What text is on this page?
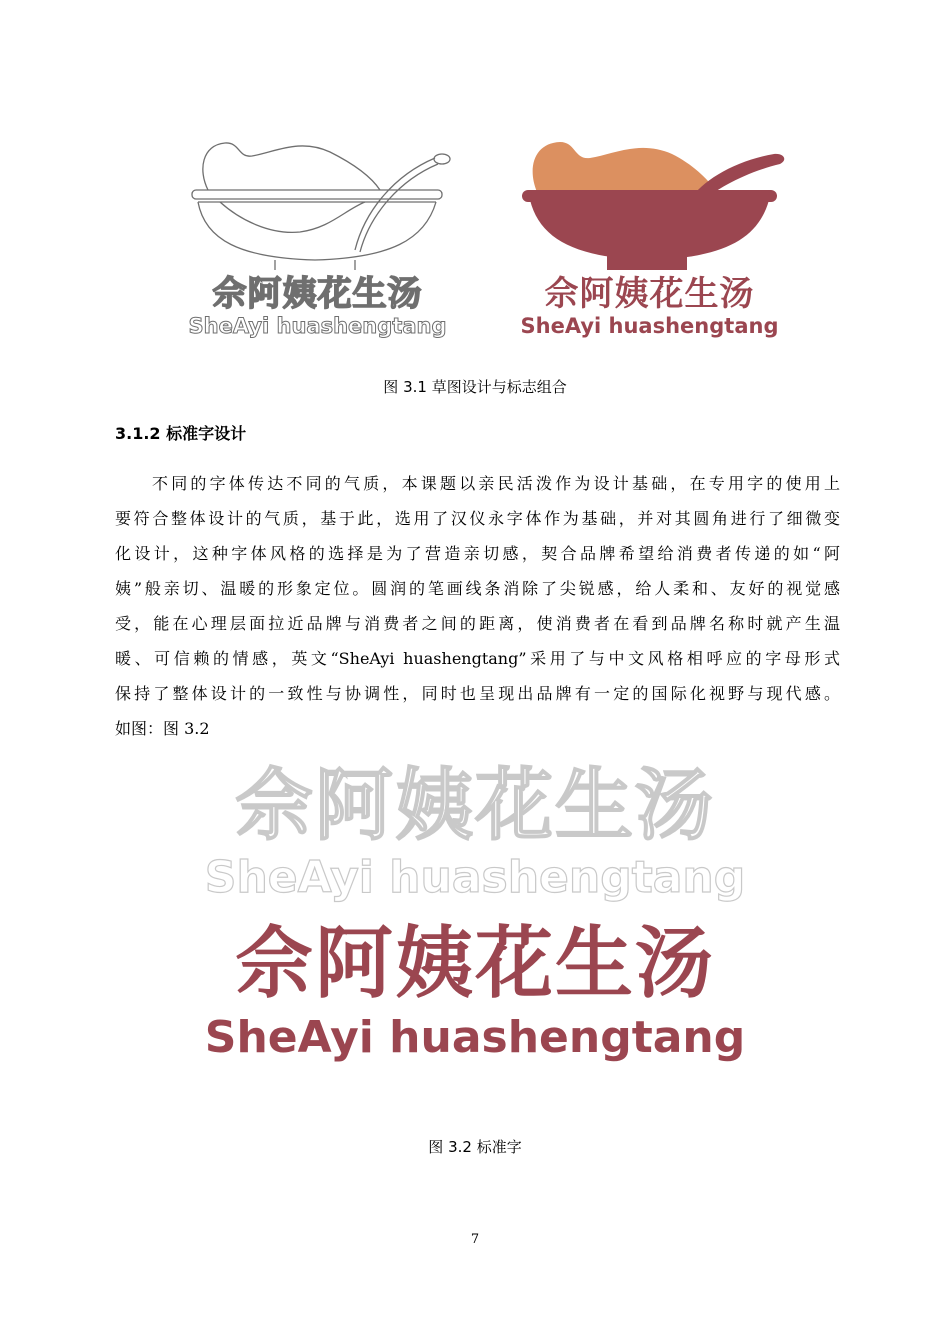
佘阿姨花生汤
SheAyi huashengtang
佘阿姨花生汤
SheAyi huashengtang
图 3.1 草图设计与标志组合
3.1.2 标准字设计
不同的字体传达不同的气质，本课题以亲民活泼作为设计基础，在专用字的使用上
要符合整体设计的气质，基于此，选用了汉仪永字体作为基础，并对其圆角进行了细微变
化设计，这种字体风格的选择是为了营造亲切感，契合品牌希望给消费者传递的如“阿
姨”般亲切、温暖的形象定位。圆润的笔画线条消除了尖锐感，给人柔和、友好的视觉感
受，能在心理层面拉近品牌与消费者之间的距离，使消费者在看到品牌名称时就产生温
暖、可信赖的情感，英文“SheAyi huashengtang”采用了与中文风格相呼应的字母形式
保持了整体设计的一致性与协调性，同时也呈现出品牌有一定的国际化视野与现代感。
如图：图 3.2
佘阿姨花生汤
SheAyi huashengtang
佘阿姨花生汤
SheAyi huashengtang
图 3.2 标准字
7
